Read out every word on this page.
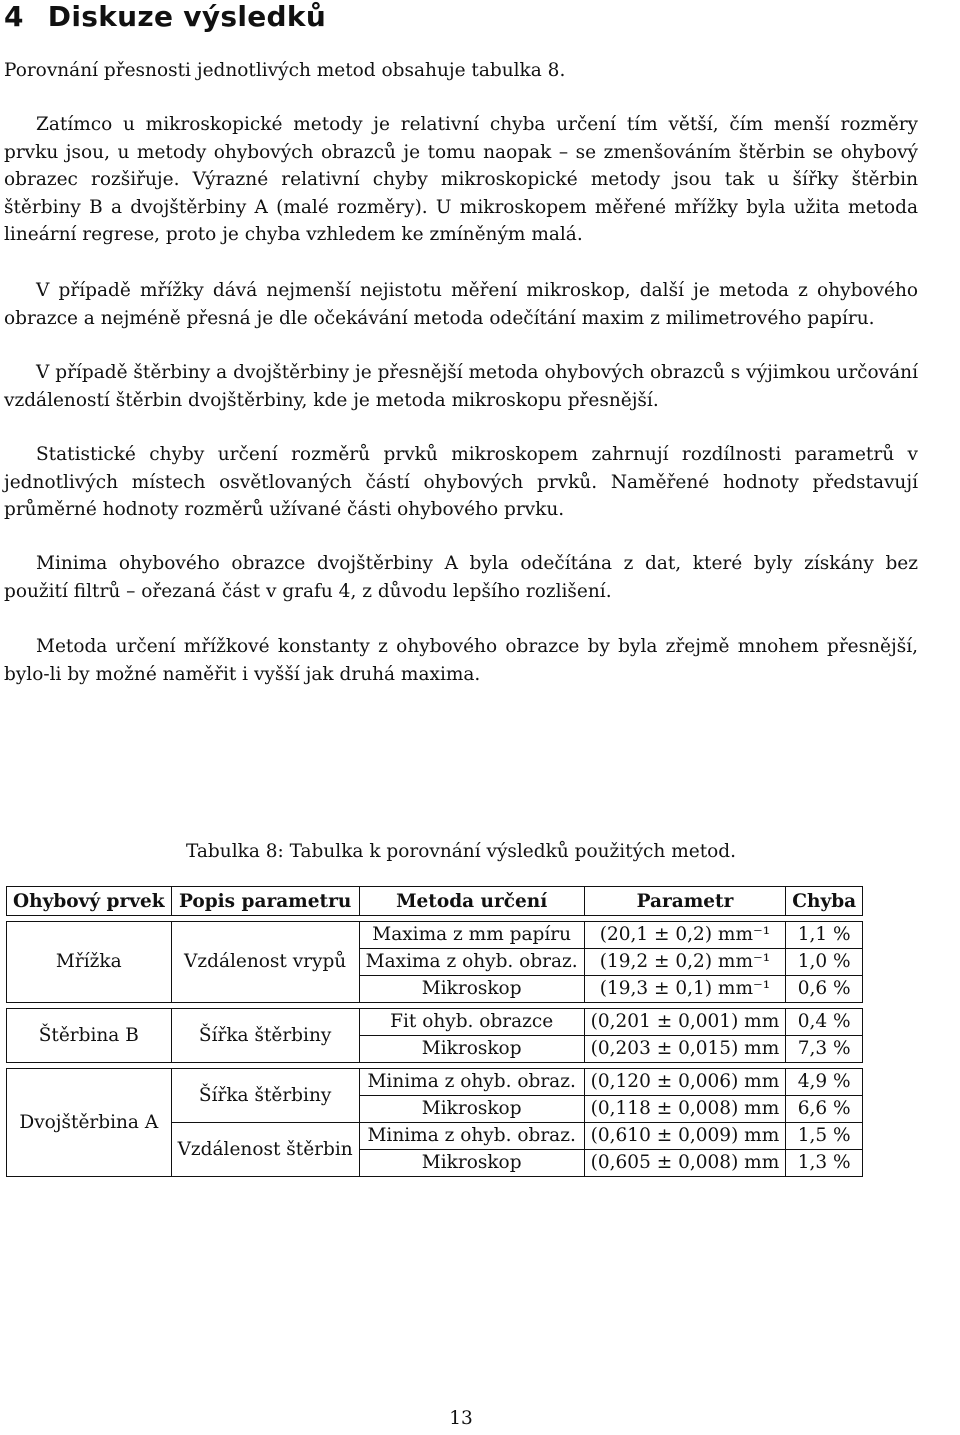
4 Diskuze výsledků

Porovnání přesnosti jednotlivých metod obsahuje tabulka 8.

Zatímco u mikroskopické metody je relativní chyba určení tím větší, čím menší rozměry prvku jsou, u metody ohybových obrazců je tomu naopak – se zmenšováním štěrbin se ohybový obrazec rozšiřuje. Výrazné relativní chyby mikroskopické metody jsou tak u šířky štěrbin štěrbiny B a dvojštěrbiny A (malé rozměry). U mikroskopem měřené mřížky byla užita metoda lineární regrese, proto je chyba vzhledem ke zmíněným malá.

V případě mřížky dává nejmenší nejistotu měření mikroskop, další je metoda z ohybového obrazce a nejméně přesná je dle očekávání metoda odečítání maxim z milimetrového papíru.

V případě štěrbiny a dvojštěrbiny je přesnější metoda ohybových obrazců s výjimkou určování vzdáleností štěrbin dvojštěrbiny, kde je metoda mikroskopu přesnější.

Statistické chyby určení rozměrů prvků mikroskopem zahrnují rozdílnosti parametrů v jednotlivých místech osvětlovaných částí ohybových prvků. Naměřené hodnoty představují průměrné hodnoty rozměrů užívané části ohybového prvku.

Minima ohybového obrazce dvojštěrbiny A byla odečítána z dat, které byly získány bez použití filtrů – ořezaná část v grafu 4, z důvodu lepšího rozlišení.

Metoda určení mřížkové konstanty z ohybového obrazce by byla zřejmě mnohem přesnější, bylo-li by možné naměřit i vyšší jak druhá maxima.

Tabulka 8: Tabulka k porovnání výsledků použitých metod.
Ohybový prvek	Popis parametru	Metoda určení	Parametr	Chyba

Mřížka	Vzdálenost vrypů	Maxima z mm papíru	(20,1 ± 0,2) mm⁻¹	1,1 %
		Maxima z ohyb. obraz.	(19,2 ± 0,2) mm⁻¹	1,0 %
		Mikroskop	(19,3 ± 0,1) mm⁻¹	0,6 %

Štěrbina B	Šířka štěrbiny	Fit ohyb. obrazce	(0,201 ± 0,001) mm	0,4 %
		Mikroskop	(0,203 ± 0,015) mm	7,3 %

Dvojštěrbina A	Šířka štěrbiny	Minima z ohyb. obraz.	(0,120 ± 0,006) mm	4,9 %
		Mikroskop	(0,118 ± 0,008) mm	6,6 %
	Vzdálenost štěrbin	Minima z ohyb. obraz.	(0,610 ± 0,009) mm	1,5 %
		Mikroskop	(0,605 ± 0,008) mm	1,3 %
13
